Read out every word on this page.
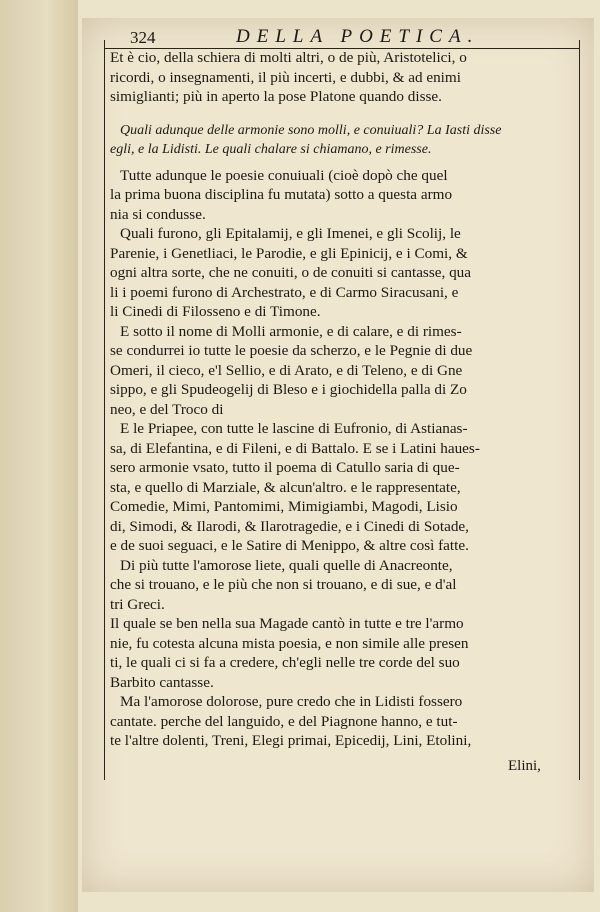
324	DELLA POETICA.
Et è cio, della schiera di molti altri, o de più, Aristotelici, o
ricordi, o insegnamenti, il più incerti, e dubbi, & ad enimi
simiglianti; più in aperto la pose Platone quando disse.
Quali adunque delle armonie sono molli, e conuiuali? La Iasti disse
egli, e la Lidisti. Le quali chalare si chiamano, e rimesse.
Tutte adunque le poesie conuiuali (cioè dopò che quel
la prima buona disciplina fu mutata) sotto a questa armo
nia si condusse.
Quali furono, gli Epitalamij, e gli Imenei, e gli Scolij, le
Parenie, i Genetliaci, le Parodie, e gli Epinicij, e i Comi, &
ogni altra sorte, che ne conuiti, o de conuiti si cantasse, qua
li i poemi furono di Archestrato, e di Carmo Siracusani, e
li Cinedi di Filosseno e di Timone.
E sotto il nome di Molli armonie, e di calare, e di rimes-
se condurrei io tutte le poesie da scherzo, e le Pegnie di due
Omeri, il cieco, e'l Sellio, e di Arato, e di Teleno, e di Gne
sippo, e gli Spudeogelij di Bleso e i giochidella palla di Zo
neo, e del Troco di
E le Priapee, con tutte le lascine di Eufronio, di Astianas-
sa, di Elefantina, e di Fileni, e di Battalo. E se i Latini haues-
sero armonie vsato, tutto il poema di Catullo saria di que-
sta, e quello di Marziale, & alcun'altro. e le rappresentate,
Comedie, Mimi, Pantomimi, Mimigiambi, Magodi, Lisio
di, Simodi, & Ilarodi, & Ilarotragedie, e i Cinedi di Sotade,
e de suoi seguaci, e le Satire di Menippo, & altre così fatte.
Di più tutte l'amorose liete, quali quelle di Anacreonte,
che si trouano, e le più che non si trouano, e di sue, e d'al
tri Greci.
Il quale se ben nella sua Magade cantò in tutte e tre l'armo
nie, fu cotesta alcuna mista poesia, e non simile alle presen
ti, le quali ci si fa a credere, ch'egli nelle tre corde del suo
Barbito cantasse.
Ma l'amorose dolorose, pure credo che in Lidisti fossero
cantate. perche del languido, e del Piagnone hanno, e tut-
te l'altre dolenti, Treni, Elegi primai, Epicedij, Lini, Etolini,
Elini,
